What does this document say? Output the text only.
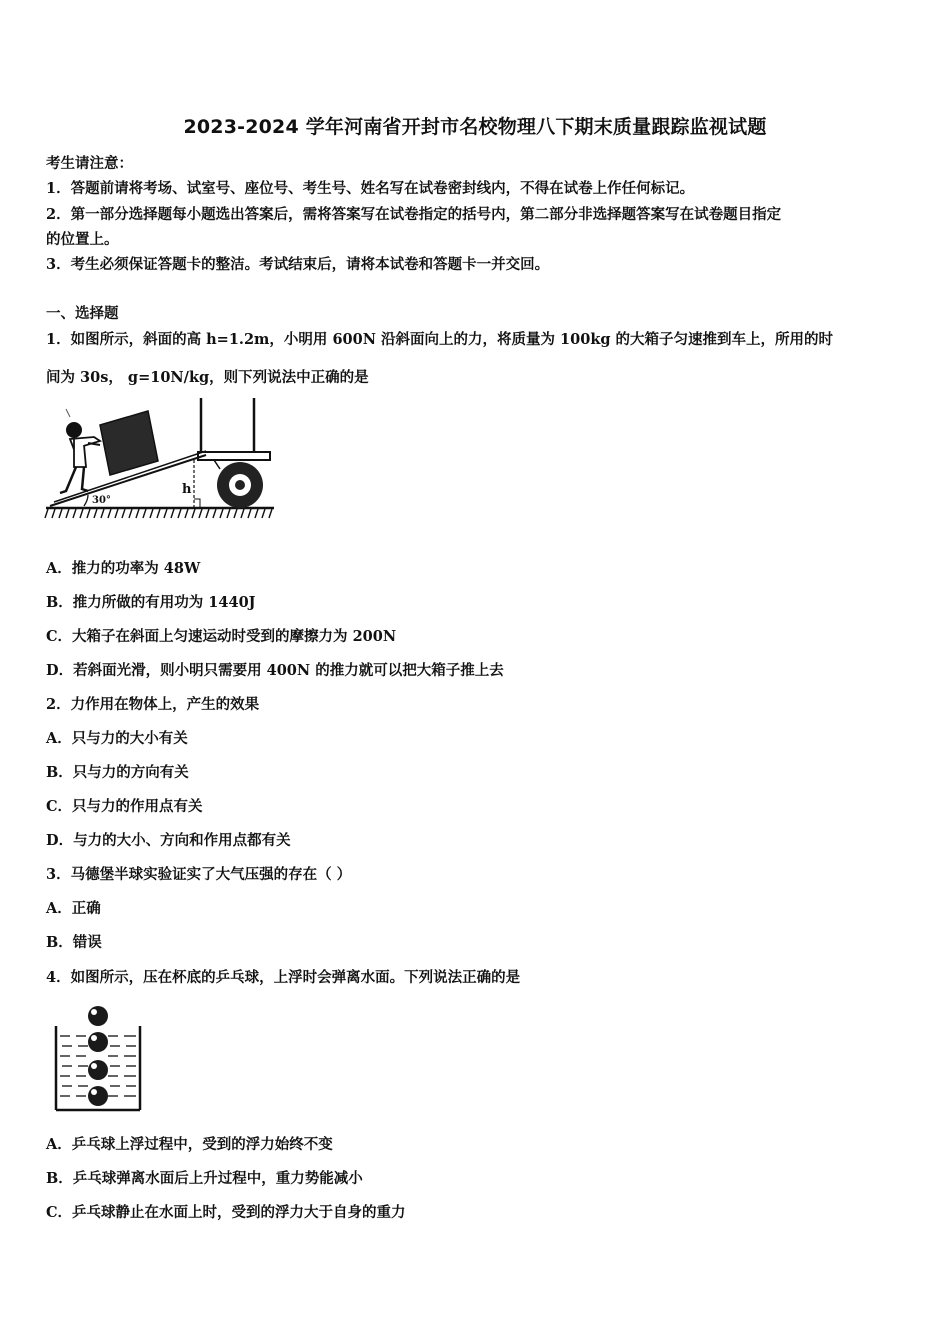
2023-2024 学年河南省开封市名校物理八下期末质量跟踪监视试题
考生请注意：
1．答题前请将考场、试室号、座位号、考生号、姓名写在试卷密封线内，不得在试卷上作任何标记。
2．第一部分选择题每小题选出答案后，需将答案写在试卷指定的括号内，第二部分非选择题答案写在试卷题目指定
的位置上。
3．考生必须保证答题卡的整洁。考试结束后，请将本试卷和答题卡一并交回。
一、选择题
1．如图所示，斜面的高 h=1.2m，小明用 600N 沿斜面向上的力，将质量为 100kg 的大箱子匀速推到车上，所用的时
间为 30s， g=10N/kg，则下列说法中正确的是
h
30°
A．推力的功率为 48W
B．推力所做的有用功为 1440J
C．大箱子在斜面上匀速运动时受到的摩擦力为 200N
D．若斜面光滑，则小明只需要用 400N 的推力就可以把大箱子推上去
2．力作用在物体上，产生的效果
A．只与力的大小有关
B．只与力的方向有关
C．只与力的作用点有关
D．与力的大小、方向和作用点都有关
3．马德堡半球实验证实了大气压强的存在（ ）
A．正确
B．错误
4．如图所示，压在杯底的乒乓球，上浮时会弹离水面。下列说法正确的是
A．乒乓球上浮过程中，受到的浮力始终不变
B．乒乓球弹离水面后上升过程中，重力势能减小
C．乒乓球静止在水面上时，受到的浮力大于自身的重力
